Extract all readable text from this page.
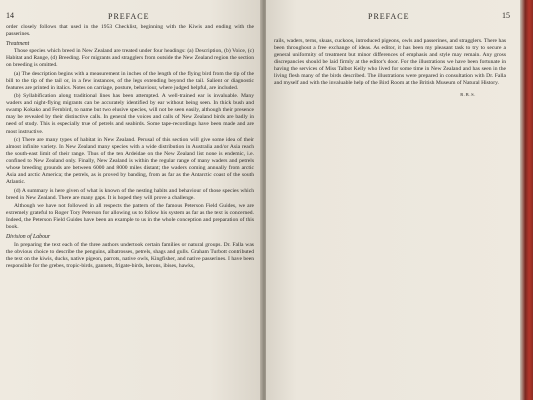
14	PREFACE

order closely follows that used in the 1953 Checklist, beginning with the Kiwis and ending with the passerines.

Treatment

Those species which breed in New Zealand are treated under four headings: (a) Description, (b) Voice, (c) Habitat and Range, (d) Breeding. For migrants and stragglers from outside the New Zealand region the section on breeding is omitted.

(a) The description begins with a measurement in inches of the length of the flying bird from the tip of the bill to the tip of the tail or, in a few instances, of the legs extending beyond the tail. Salient or diagnostic features are printed in italics. Notes on carriage, posture, behaviour, where judged helpful, are included.

(b) Syllabification along traditional lines has been attempted. A well-trained ear is invaluable. Many waders and night-flying migrants can be accurately identified by ear without being seen. In thick bush and swamp Kokako and Fernbird, to name but two elusive species, will not be seen easily, although their presence may be revealed by their distinctive calls. In general the voices and calls of New Zealand birds are badly in need of study. This is especially true of petrels and seabirds. Some tape-recordings have been made and are most instructive.

(c) There are many types of habitat in New Zealand. Perusal of this section will give some idea of their almost infinite variety. In New Zealand many species with a wide distribution in Australia and/or Asia reach the south-east limit of their range. Thus of the ten Ardeidae on the New Zealand list none is endemic, i.e. confined to New Zealand only. Finally, New Zealand is within the regular range of many waders and petrels whose breeding grounds are between 6000 and 8000 miles distant; the waders coming annually from arctic Asia and arctic America; the petrels, as is proved by banding, from as far as the Antarctic coast of the south Atlantic.

(d) A summary is here given of what is known of the nesting habits and behaviour of those species which breed in New Zealand. There are many gaps. It is hoped they will prove a challenge.

Although we have not followed in all respects the pattern of the famous Peterson Field Guides, we are extremely grateful to Roger Tory Peterson for allowing us to follow his system as far as the text is concerned. Indeed, the Peterson Field Guides have been an example to us in the whole conception and preparation of this book.

Division of Labour

In preparing the text each of the three authors undertook certain families or natural groups. Dr. Falla was the obvious choice to describe the penguins, albatrosses, petrels, shags and gulls. Graham Turbott contributed the text on the kiwis, ducks, native pigeon, parrots, native owls, Kingfisher, and native passerines. I have been responsible for the grebes, tropic-birds, gannets, frigate-birds, herons, ibises, hawks,

PREFACE	15

rails, waders, terns, skuas, cuckoos, introduced pigeons, owls and passerines, and stragglers. There has been throughout a free exchange of ideas. As editor, it has been my pleasant task to try to secure a general uniformity of treatment but minor differences of emphasis and style may remain. Any gross discrepancies should be laid firmly at the editor's door. For the illustrations we have been fortunate in having the services of Miss Talbot Kelly who lived for some time in New Zealand and has seen in the living flesh many of the birds described. The illustrations were prepared in consultation with Dr. Falla and myself and with the invaluable help of the Bird Room at the British Museum of Natural History.

R.B.S.
